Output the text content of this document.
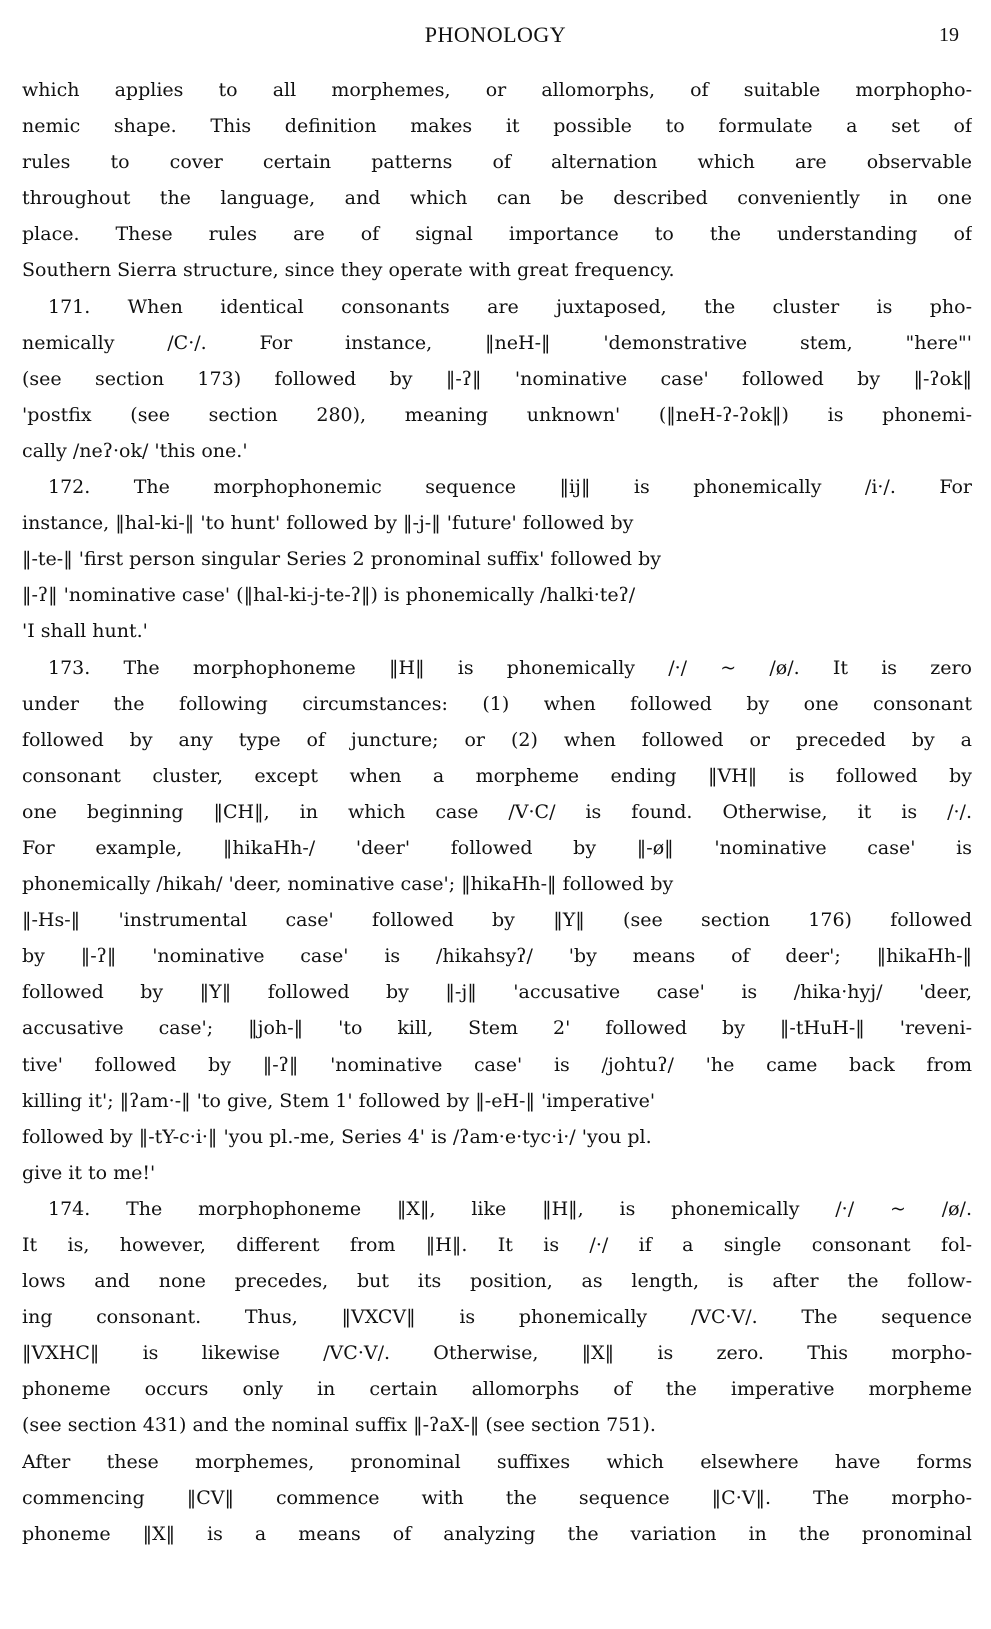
PHONOLOGY	19
which applies to all morphemes, or allomorphs, of suitable morphopho-
nemic shape. This definition makes it possible to formulate a set of
rules to cover certain patterns of alternation which are observable
throughout the language, and which can be described conveniently in one
place. These rules are of signal importance to the understanding of
Southern Sierra structure, since they operate with great frequency.
171. When identical consonants are juxtaposed, the cluster is pho-
nemically /C·/. For instance, ‖neH-‖ 'demonstrative stem, "here"'
(see section 173) followed by ‖-ʔ‖ 'nominative case' followed by ‖-ʔok‖
'postfix (see section 280), meaning unknown' (‖neH-ʔ-ʔok‖) is phonemi-
cally /neʔ·ok/ 'this one.'
172. The morphophonemic sequence ‖ij‖ is phonemically /i·/. For
instance, ‖hal-ki-‖ 'to hunt' followed by ‖-j-‖ 'future' followed by
‖-te-‖ 'first person singular Series 2 pronominal suffix' followed by
‖-ʔ‖ 'nominative case' (‖hal-ki-j-te-ʔ‖) is phonemically /halki·teʔ/
'I shall hunt.'
173. The morphophoneme ‖H‖ is phonemically /·/ ~ /ø/. It is zero
under the following circumstances: (1) when followed by one consonant
followed by any type of juncture; or (2) when followed or preceded by a
consonant cluster, except when a morpheme ending ‖VH‖ is followed by
one beginning ‖CH‖, in which case /V·C/ is found. Otherwise, it is /·/.
For example, ‖hikaHh-/ 'deer' followed by ‖-ø‖ 'nominative case' is
phonemically /hikah/ 'deer, nominative case'; ‖hikaHh-‖ followed by
‖-Hs-‖ 'instrumental case' followed by ‖Y‖ (see section 176) followed
by ‖-ʔ‖ 'nominative case' is /hikahsyʔ/ 'by means of deer'; ‖hikaHh-‖
followed by ‖Y‖ followed by ‖-j‖ 'accusative case' is /hika·hyj/ 'deer,
accusative case'; ‖joh-‖ 'to kill, Stem 2' followed by ‖-tHuH-‖ 'reveni-
tive' followed by ‖-ʔ‖ 'nominative case' is /johtuʔ/ 'he came back from
killing it'; ‖ʔam·-‖ 'to give, Stem 1' followed by ‖-eH-‖ 'imperative'
followed by ‖-tY-c·i·‖ 'you pl.-me, Series 4' is /ʔam·e·tyc·i·/ 'you pl.
give it to me!'
174. The morphophoneme ‖X‖, like ‖H‖, is phonemically /·/ ~ /ø/.
It is, however, different from ‖H‖. It is /·/ if a single consonant fol-
lows and none precedes, but its position, as length, is after the follow-
ing consonant. Thus, ‖VXCV‖ is phonemically /VC·V/. The sequence
‖VXHC‖ is likewise /VC·V/. Otherwise, ‖X‖ is zero. This morpho-
phoneme occurs only in certain allomorphs of the imperative morpheme
(see section 431) and the nominal suffix ‖-ʔaX-‖ (see section 751).
After these morphemes, pronominal suffixes which elsewhere have forms
commencing ‖CV‖ commence with the sequence ‖C·V‖. The morpho-
phoneme ‖X‖ is a means of analyzing the variation in the pronominal
